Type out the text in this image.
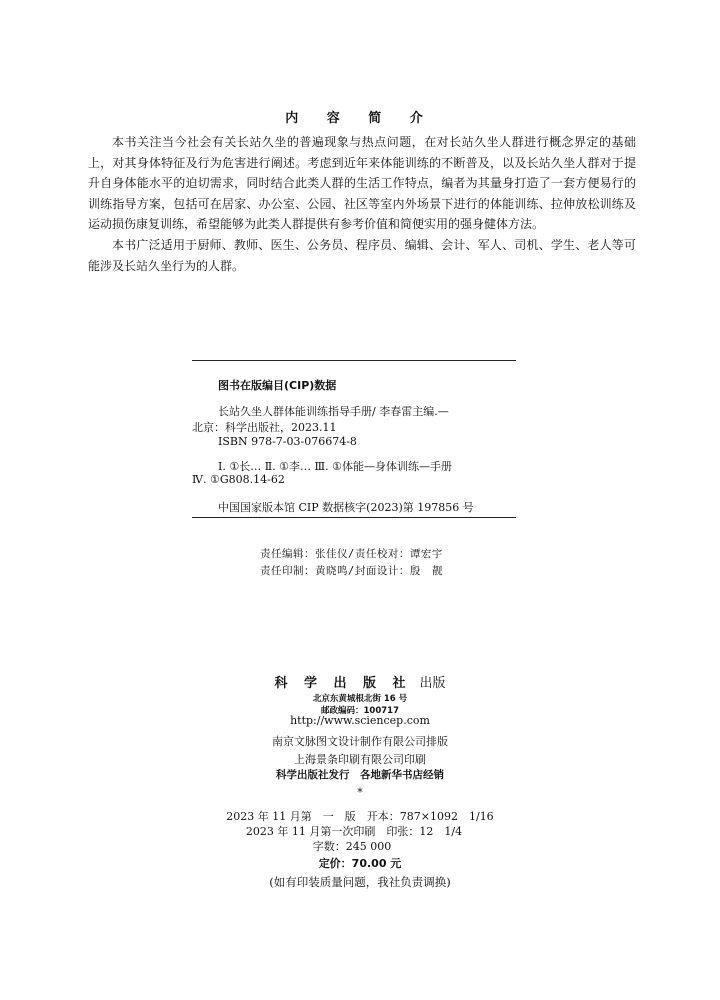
内 容 简 介

本书关注当今社会有关长站久坐的普遍现象与热点问题，在对长站久坐人群进行概念界定的基础上，对其身体特征及行为危害进行阐述。考虑到近年来体能训练的不断普及，以及长站久坐人群对于提升自身体能水平的迫切需求，同时结合此类人群的生活工作特点，编者为其量身打造了一套方便易行的训练指导方案，包括可在居家、办公室、公园、社区等室内外场景下进行的体能训练、拉伸放松训练及运动损伤康复训练，希望能够为此类人群提供有参考价值和简便实用的强身健体方法。

本书广泛适用于厨师、教师、医生、公务员、程序员、编辑、会计、军人、司机、学生、老人等可能涉及长站久坐行为的人群。

图书在版编目(CIP)数据
长站久坐人群体能训练指导手册/ 李春雷主编.—
北京：科学出版社，2023.11
ISBN 978-7-03-076674-8
Ⅰ. ①长… Ⅱ. ①李… Ⅲ. ①体能—身体训练—手册
Ⅳ. ①G808.14-62
中国国家版本馆 CIP 数据核字(2023)第 197856 号
责任编辑：张佳仪/责任校对：谭宏宇
责任印制：黄晓鸣/封面设计：殷　靓
科 学 出 版 社 出版
北京东黄城根北街 16 号
邮政编码：100717
http://www.sciencep.com
南京文脉图文设计制作有限公司排版
上海景条印刷有限公司印刷
科学出版社发行　各地新华书店经销
*
2023 年 11 月第　一　版　开本：787×1092　1/16
2023 年 11 月第一次印刷　印张：12　1/4
字数：245 000
定价：70.00 元
(如有印装质量问题，我社负责调换)
